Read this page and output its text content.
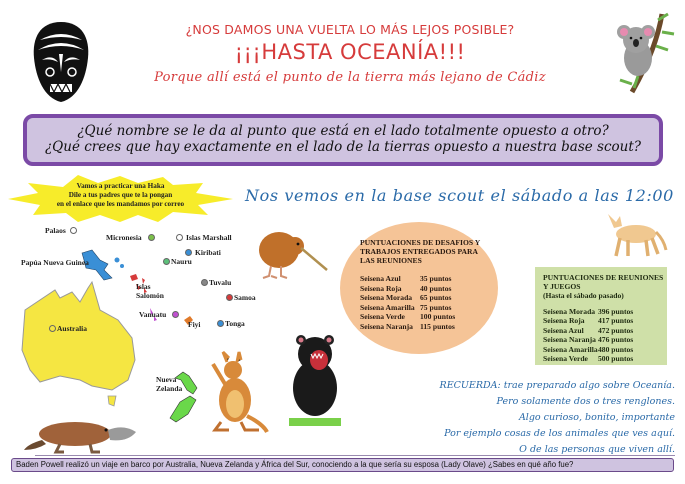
¿NOS DAMOS UNA VUELTA LO MÁS LEJOS POSIBLE?
¡¡¡HASTA OCEANÍA!!!
Porque allí está el punto de la tierra más lejano de Cádiz
¿Qué nombre se le da al punto que está en el lado totalmente opuesto a otro?
¿Qué crees que hay exactamente en el lado de la tierras opuesto a nuestra base scout?
Vamos a practicar una Haka
Dile a tus padres que te la pongan
en el enlace que les mandamos por correo	Nos vemos en la base scout el sábado a las 12:00
Palaos
Micronesia	Islas Marshall
Kiribati
Papúa Nueva Guinea	Nauru
Islas Salomón
Tuvalu
Samoa
Vanuatu
Fiyi	Tonga
Australia
Nueva Zelanda
PUNTUACIONES DE DESAFIOS Y TRABAJOS ENTREGADOS PARA LAS REUNIONES
Seisena Azul	35 puntos
Seisena Roja	40 puntos
Seisena Morada	65 puntos
Seisena Amarilla 75 puntos
Seisena Verde	100 puntos
Seisena Naranja 115 puntos
PUNTUACIONES DE REUNIONES Y JUEGOS
(Hasta el sábado pasado)
Seisena Morada 396 puntos
Seisena Roja	417 puntos
Seisena Azul	472 puntos
Seisena Naranja 476 puntos
Seisena Amarilla 480 puntos
Seisena Verde	500 puntos
RECUERDA: trae preparado algo sobre Oceanía.
Pero solamente dos o tres renglones.
Algo curioso, bonito, importante
Por ejemplo cosas de los animales que ves aquí.
O de las personas que viven allí.
Baden Powell realizó un viaje en barco por Australia, Nueva Zelanda y África del Sur, conociendo a la que sería su esposa (Lady Olave) ¿Sabes en qué año fue?
